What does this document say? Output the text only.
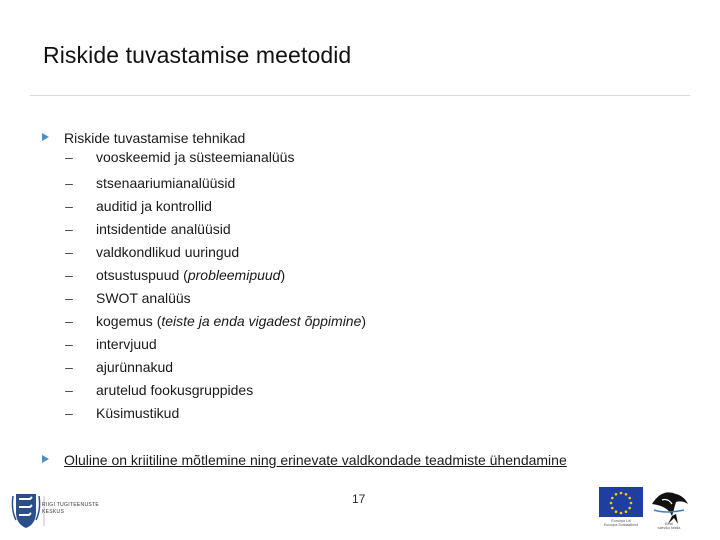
Riskide tuvastamise meetodid
Riskide tuvastamise tehnikad
– vooskeemid ja süsteemianalüüs
– stsenaariumianalüüsid
– auditid ja kontrollid
– intsidentide analüüsid
– valdkondlikud uuringud
– otsustuspuud (probleemipuud)
– SWOT analüüs
– kogemus (teiste ja enda vigadest õppimine)
– intervjuud
– ajurünnakud
– arutelud fookusgruppides
– Küsimustikud
Oluline on kriitiline mõtlemine ning erinevate valdkondade teadmiste ühendamine
17
RIIGI TUGITEENUSTE
KESKUS
Euroopa Liit
Euroopa Sotsiaalfond	Eesti
tuleviku heaks
